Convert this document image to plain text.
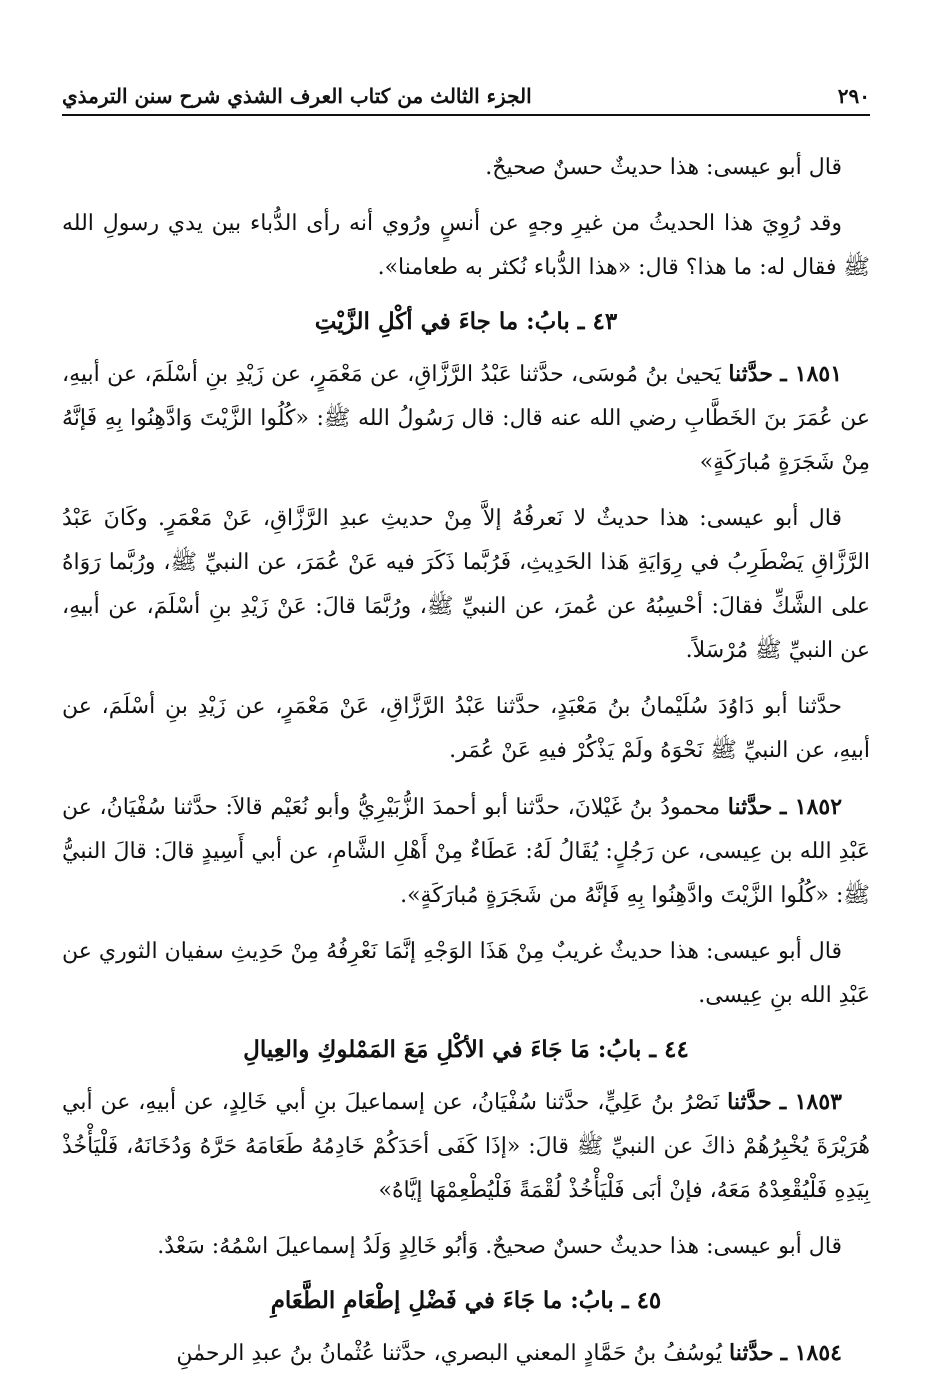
٢٩٠
الجزء الثالث من كتاب العرف الشذي شرح سنن الترمذي

قال أبو عيسى: هذا حديثٌ حسنٌ صحيحٌ.

وقد رُوِيَ هذا الحديثُ من غيرِ وجهٍ عن أنسٍ ورُوي أنه رأى الدُّباء بين يدي رسولِ الله ﷺ فقال له: ما هذا؟ قال: «هذا الدُّباء نُكثر به طعامنا».

٤٣ ـ بابُ: ما جاءَ في أكْلِ الزَّيْتِ

١٨٥١ ـ حدَّثنا يَحيىٰ بنُ مُوسَى، حدَّثنا عَبْدُ الرَّزَّاقِ، عن مَعْمَرٍ، عن زَيْدِ بنِ أسْلَمَ، عن أبيهِ، عن عُمَرَ بنَ الخَطَّابِ رضي الله عنه قال: قال رَسُولُ الله ﷺ: «كُلُوا الزَّيْتَ وَادَّهِنُوا بِهِ فَإنَّهُ مِنْ شَجَرَةٍ مُبارَكَةٍ»

قال أبو عيسى: هذا حديثٌ لا نَعرفُهُ إلاَّ مِنْ حديثِ عبدِ الرَّزَّاقِ، عَنْ مَعْمَرٍ. وكَانَ عَبْدُ الرَّزَّاقِ يَضْطَرِبُ في رِوَايَةِ هَذا الحَدِيثِ، فَرُبَّما ذَكَرَ فيه عَنْ عُمَرَ، عن النبيِّ ﷺ، ورُبَّما رَوَاهُ على الشَّكِّ فقالَ: أحْسِبُهُ عن عُمرَ، عن النبيِّ ﷺ، ورُبَّمَا قالَ: عَنْ زَيْدِ بنِ أسْلَمَ، عن أبيهِ، عن النبيِّ ﷺ مُرْسَلاً.

حدَّثنا أبو دَاوُدَ سُلَيْمانُ بنُ مَعْبَدٍ، حدَّثنا عَبْدُ الرَّزَّاقِ، عَنْ مَعْمَرٍ، عن زَيْدِ بنِ أسْلَمَ، عن أبيهِ، عن النبيِّ ﷺ نَحْوَهُ ولَمْ يَذْكُرْ فيهِ عَنْ عُمَر.

١٨٥٢ ـ حدَّثنا محمودُ بنُ غَيْلانَ، حدَّثنا أبو أحمدَ الزُّبَيْرِيُّ وأبو نُعَيْم قالاَ: حدَّثنا سُفْيَانُ، عن عَبْدِ الله بن عِيسى، عن رَجُلٍ: يُقَالُ لَهُ: عَطَاءٌ مِنْ أَهْلِ الشَّامِ، عن أبي أَسِيدٍ قالَ: قالَ النبيُّ ﷺ: «كُلُوا الزَّيْتَ وادَّهِنُوا بِهِ فَإنَّهُ من شَجَرَةٍ مُبارَكَةٍ».

قال أبو عيسى: هذا حديثٌ غريبٌ مِنْ هَذَا الوَجْهِ إنَّمَا نَعْرِفُهُ مِنْ حَدِيثِ سفيان الثوري عن عَبْدِ الله بنِ عِيسى.

٤٤ ـ بابُ: مَا جَاءَ في الأكْلِ مَعَ المَمْلوكِ والعِيالِ

١٨٥٣ ـ حدَّثنا نَصْرُ بنُ عَلِيٍّ، حدَّثنا سُفْيَانُ، عن إسماعيلَ بنِ أبي خَالِدٍ، عن أبيهِ، عن أبي هُرَيْرَةَ يُخْبِرُهُمْ ذاكَ عن النبيِّ ﷺ قالَ: «إذَا كَفَى أحَدَكُمْ خَادِمُهُ طَعَامَهُ حَرَّهُ وَدُخَانَهُ، فَلْيَأْخُذْ بِيَدِهِ فَلْيُقْعِدْهُ مَعَهُ، فإنْ أبَى فَلْيَأْخُذْ لُقْمَةً فَلْيُطْعِمْهَا إيَّاهُ»

قال أبو عيسى: هذا حديثٌ حسنٌ صحيحٌ. وَأبُو خَالِدٍ وَلَدُ إسماعيلَ اسْمُهُ: سَعْدٌ.

٤٥ ـ بابُ: ما جَاءَ في فَضْلِ إطْعَامِ الطَّعَامِ

١٨٥٤ ـ حدَّثنا يُوسُفُ بنُ حَمَّادٍ المعني البصري، حدَّثنا عُثْمانُ بنُ عبدِ الرحمٰنِ
